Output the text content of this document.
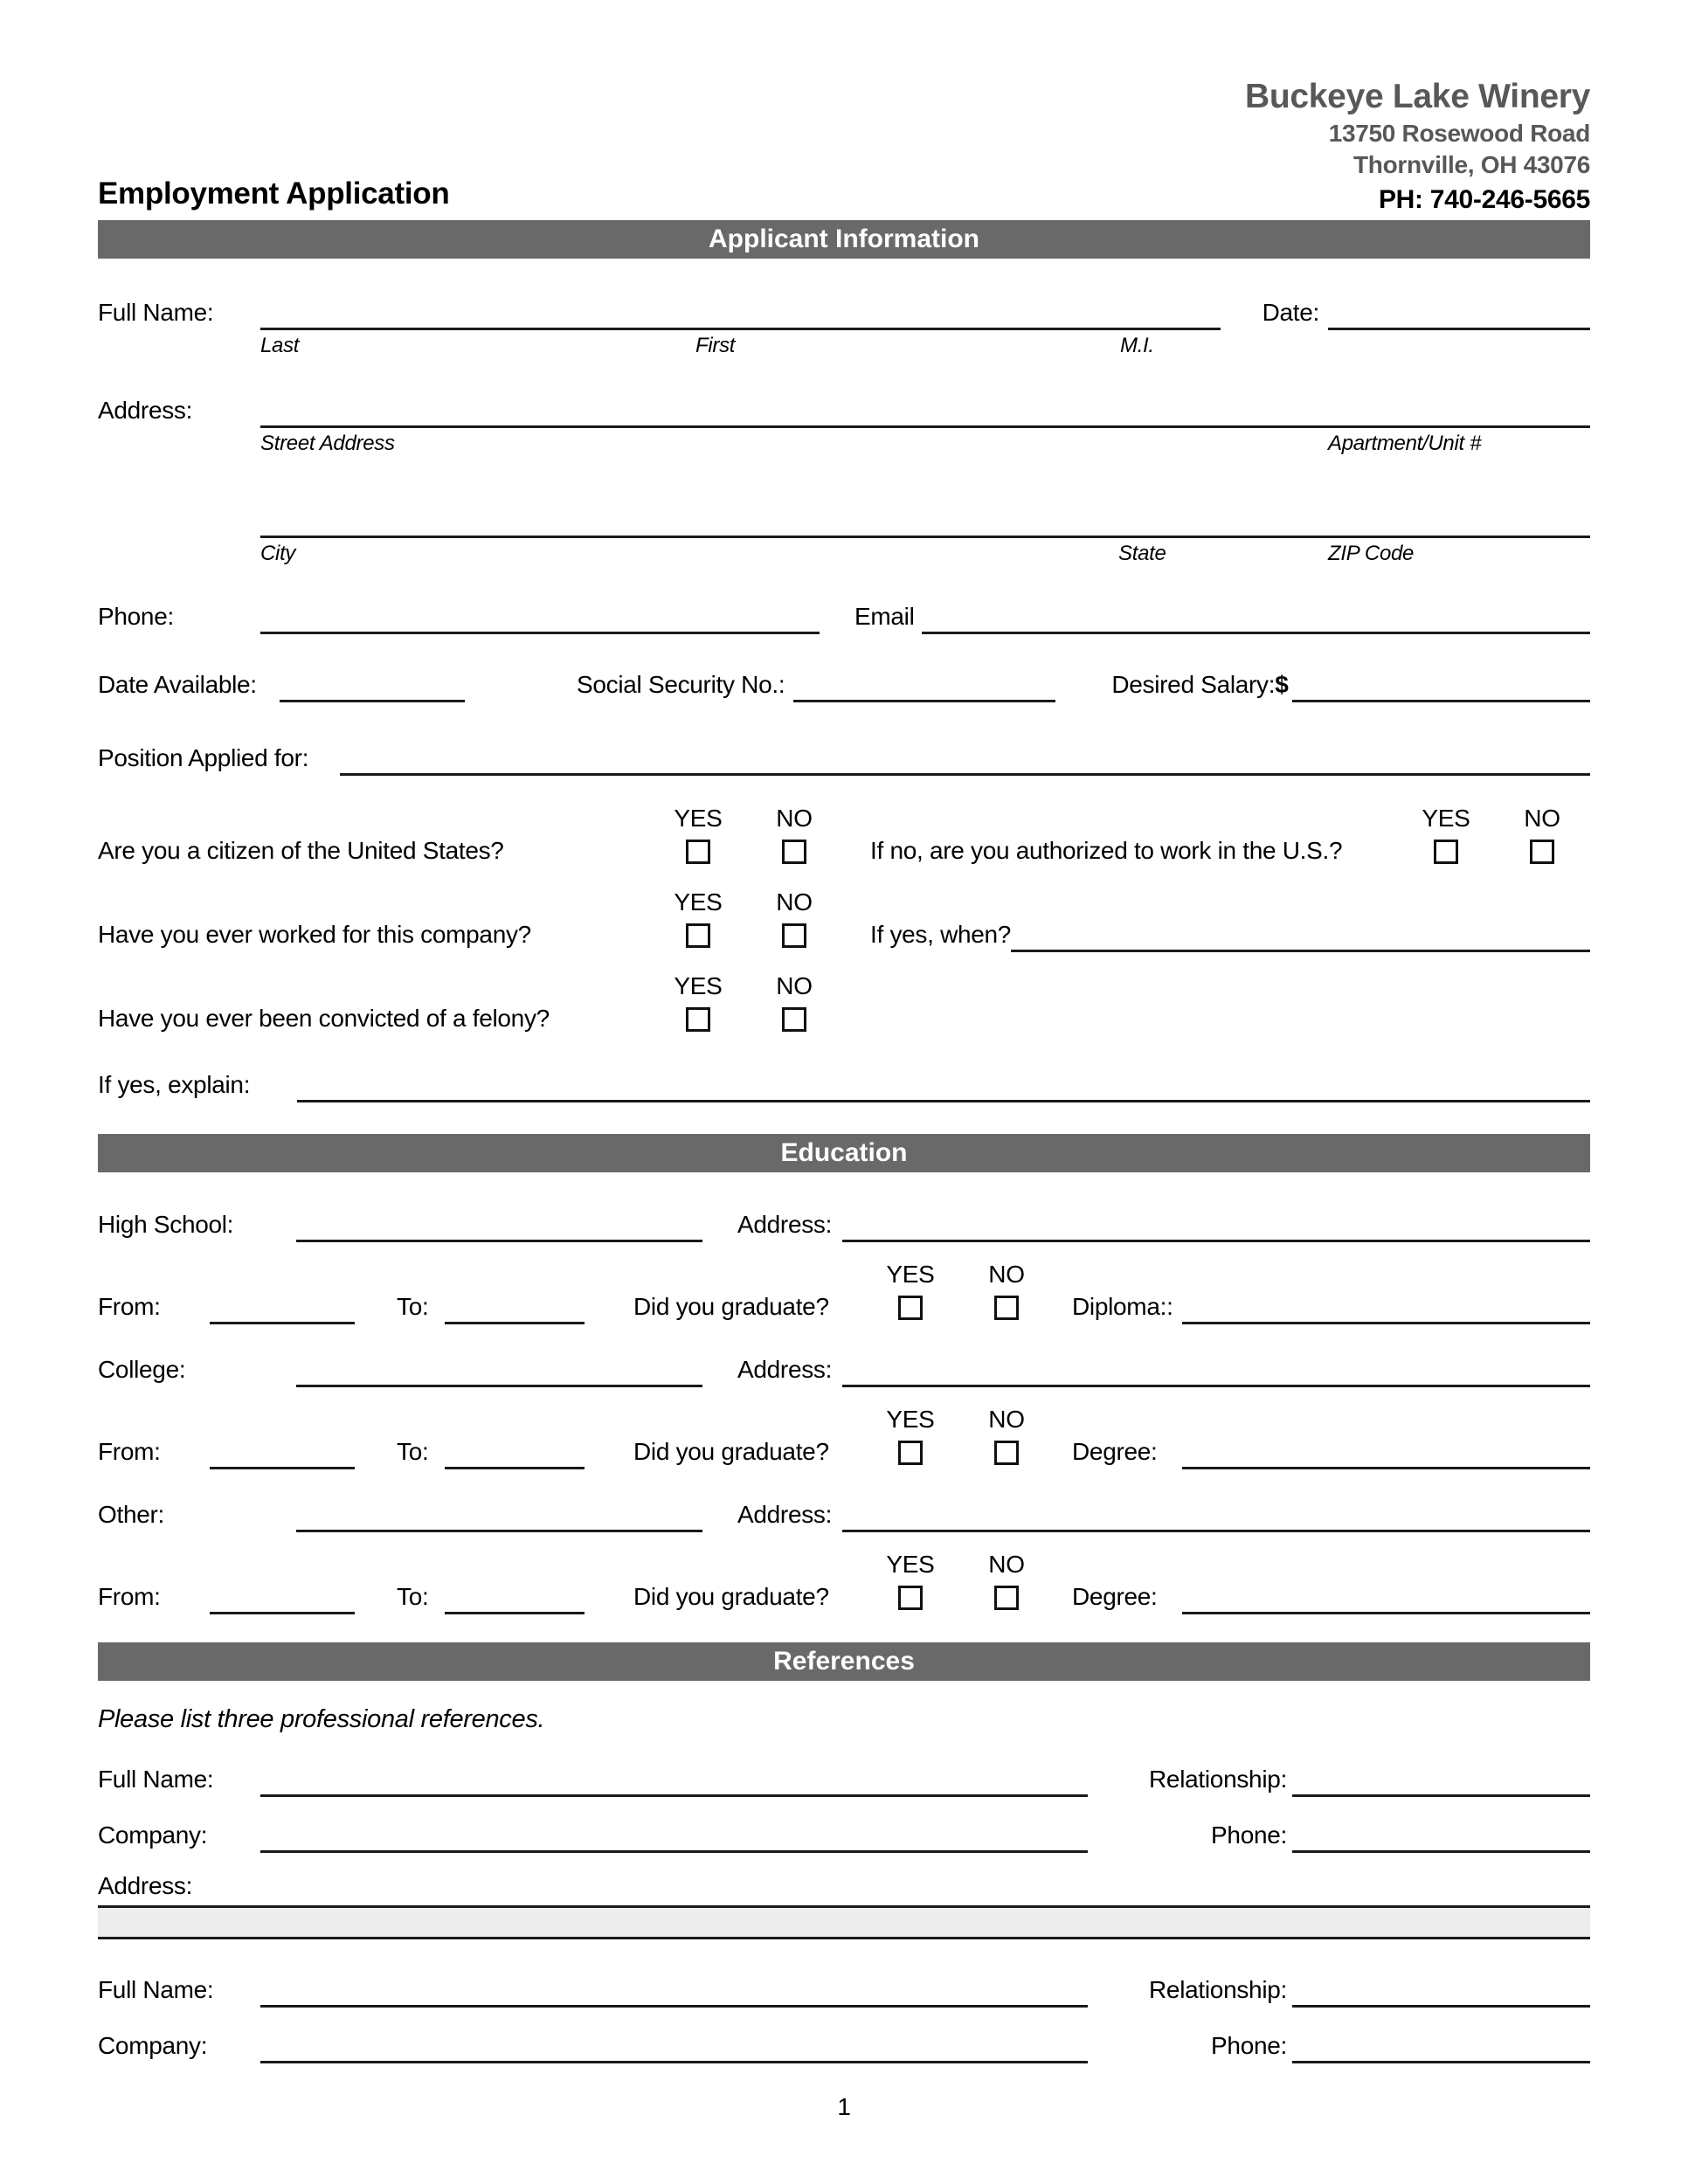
Employment Application
Buckeye Lake Winery
13750 Rosewood Road
Thornville, OH 43076
PH: 740-246-5665
Applicant Information
Full Name:	Date:
Last	First	M.I.
Address:
Street Address	Apartment/Unit #
City	State	ZIP Code
Phone:	Email
Date Available:	Social Security No.:	Desired Salary: $
Position Applied for:
YES	NO	YES	NO
Are you a citizen of the United States?	If no, are you authorized to work in the U.S.?
YES	NO
Have you ever worked for this company?	If yes, when?
YES	NO
Have you ever been convicted of a felony?
If yes, explain:
Education
High School:	Address:
YES	NO
From:	To:	Did you graduate?	Diploma::
College:	Address:
YES	NO
From:	To:	Did you graduate?	Degree:
Other:	Address:
YES	NO
From:	To:	Did you graduate?	Degree:
References
Please list three professional references.
Full Name:	Relationship:
Company:	Phone:
Address:
Full Name:	Relationship:
Company:	Phone:
1
